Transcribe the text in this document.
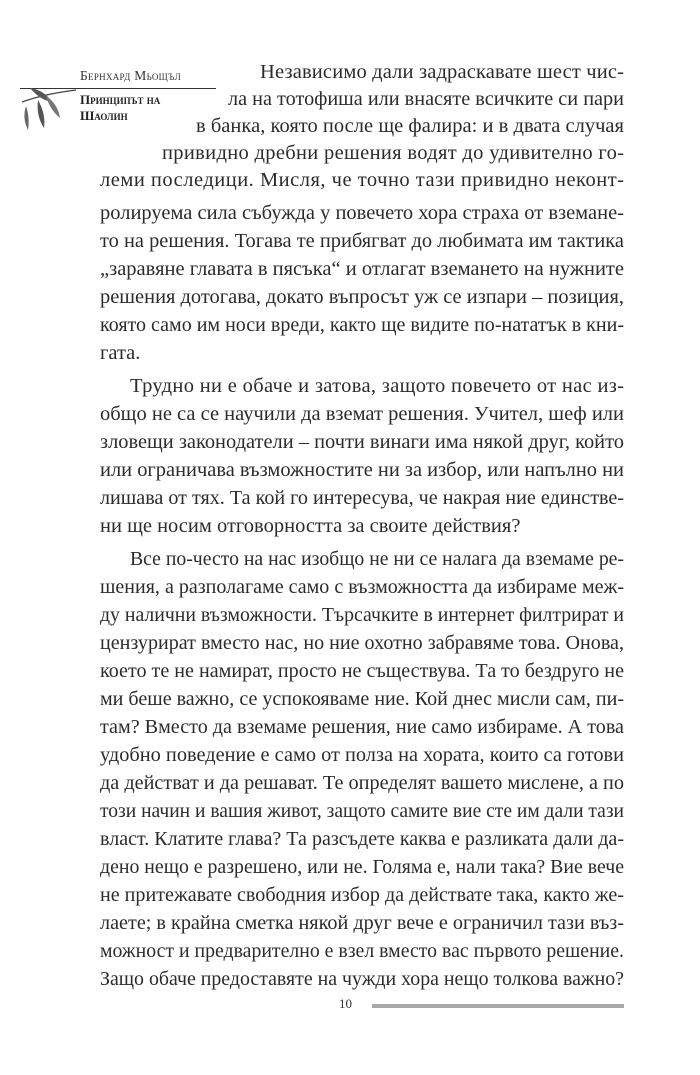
Бернхард Мьощъл
Принципът на
Шаолин
Независимо дали задраскавате шест чис-
ла на тотофиша или внасяте всичките си пари
в банка, която после ще фалира: и в двата случая
привидно дребни решения водят до удивително го-
леми последици. Мисля, че точно тази привидно неконт-
ролируема сила събужда у повечето хора страха от вземане-
то на решения. Тогава те прибягват до любимата им тактика
„заравяне главата в пясъка“ и отлагат вземането на нужните
решения дотогава, докато въпросът уж се изпари – позиция,
която само им носи вреди, както ще видите по-нататък в кни-
гата.
Трудно ни е обаче и затова, защото повечето от нас из-
общо не са се научили да вземат решения. Учител, шеф или
зловещи законодатели – почти винаги има някой друг, който
или ограничава възможностите ни за избор, или напълно ни
лишава от тях. Та кой го интересува, че накрая ние единстве-
ни ще носим отговорността за своите действия?
Все по-често на нас изобщо не ни се налага да вземаме ре-
шения, а разполагаме само с възможността да избираме меж-
ду налични възможности. Търсачките в интернет филтрират и
цензурират вместо нас, но ние охотно забравяме това. Онова,
което те не намират, просто не съществува. Та то бездруго не
ми беше важно, се успокояваме ние. Кой днес мисли сам, пи-
там? Вместо да вземаме решения, ние само избираме. А това
удобно поведение е само от полза на хората, които са готови
да действат и да решават. Те определят вашето мислене, а по
този начин и вашия живот, защото самите вие сте им дали тази
власт. Клатите глава? Та разсъдете каква е разликата дали да-
дено нещо е разрешено, или не. Голяма е, нали така? Вие вече
не притежавате свободния избор да действате така, както же-
лаете; в крайна сметка някой друг вече е ограничил тази въз-
можност и предварително е взел вместо вас първото решение.
Защо обаче предоставяте на чужди хора нещо толкова важно?
10
